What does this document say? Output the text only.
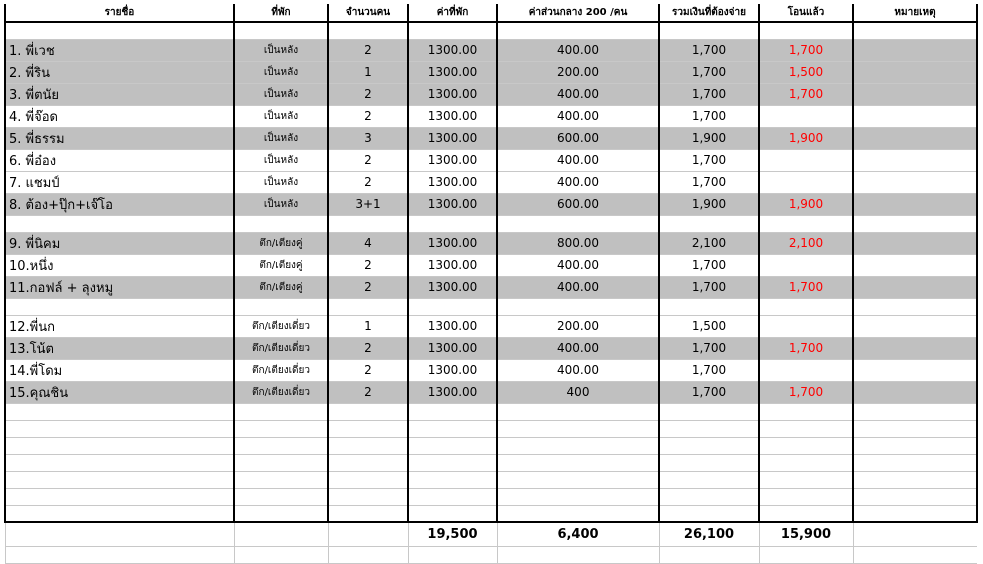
รายชื่อ	ที่พัก	จำนวนคน	ค่าที่พัก	ค่าส่วนกลาง 200 /คน	รวมเงินที่ต้องจ่าย	โอนแล้ว	หมายเหตุ

1. พี่เวช	เป็นหลัง	2	1300.00	400.00	1,700	1,700	
2. พี่ริน	เป็นหลัง	1	1300.00	200.00	1,700	1,500	
3. พี่ตนัย	เป็นหลัง	2	1300.00	400.00	1,700	1,700	
4. พี่จ๊อด	เป็นหลัง	2	1300.00	400.00	1,700		
5. พี่ธรรม	เป็นหลัง	3	1300.00	600.00	1,900	1,900	
6. พี่อ๋อง	เป็นหลัง	2	1300.00	400.00	1,700		
7. แชมป์	เป็นหลัง	2	1300.00	400.00	1,700		
8. ต้อง+ปุ๊ก+เจ๊โอ	เป็นหลัง	3+1	1300.00	600.00	1,900	1,900	

9. พี่นิคม	ตึก/เตียงคู่	4	1300.00	800.00	2,100	2,100	
10.หนึ่ง	ตึก/เตียงคู่	2	1300.00	400.00	1,700		
11.กอฟล์ + ลุงหมู	ตึก/เตียงคู่	2	1300.00	400.00	1,700	1,700	

12.พี่นก	ตึก/เตียงเดี่ยว	1	1300.00	200.00	1,500		
13.โน้ต	ตึก/เตียงเดี่ยว	2	1300.00	400.00	1,700	1,700	
14.พี่โดม	ตึก/เตียงเดี่ยว	2	1300.00	400.00	1,700		
15.คุณชิน	ตึก/เตียงเดี่ยว	2	1300.00	400	1,700	1,700	

			19,500	6,400	26,100	15,900	
